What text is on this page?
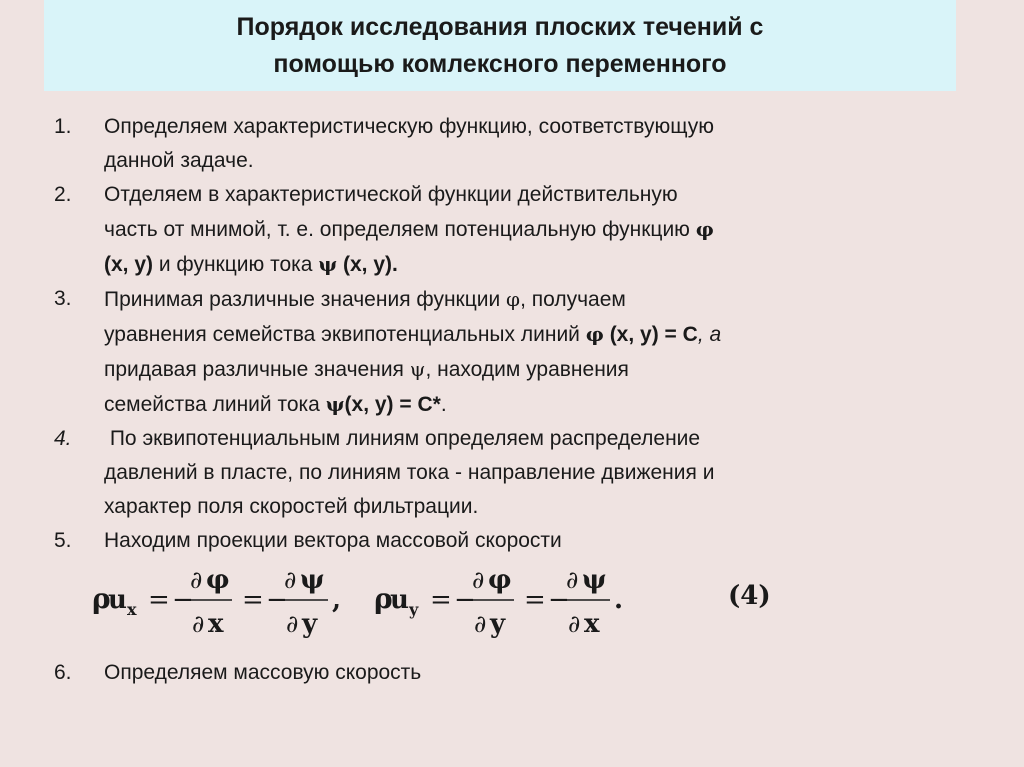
Порядок исследования плоских течений с
помощью комлексного переменного
1.	Определяем характеристическую функцию, соответствующую
данной задаче.
2.	Отделяем в характеристической функции действительную
часть от мнимой, т. е. определяем потенциальную функцию φ
(x, y) и функцию тока ψ (x, y).
3.	Принимая различные значения функции φ, получаем
уравнения семейства эквипотенциальных линий φ (x, y) = C, а
придавая различные значения ψ, находим уравнения
семейства линий тока ψ(x, y) = C*.
4.	По эквипотенциальным линиям определяем распределение
давлений в пласте, по линиям тока - направление движения и
характер поля скоростей фильтрации.
5.	Находим проекции вектора массовой скорости
6.	Определяем массовую скорость
ρ
u x = −
∂ φ
∂ x
= −
∂ ψ
∂ y
, ρ
u y = −
∂ φ
∂ y
= −
∂ ψ
∂ x
.	(4)
